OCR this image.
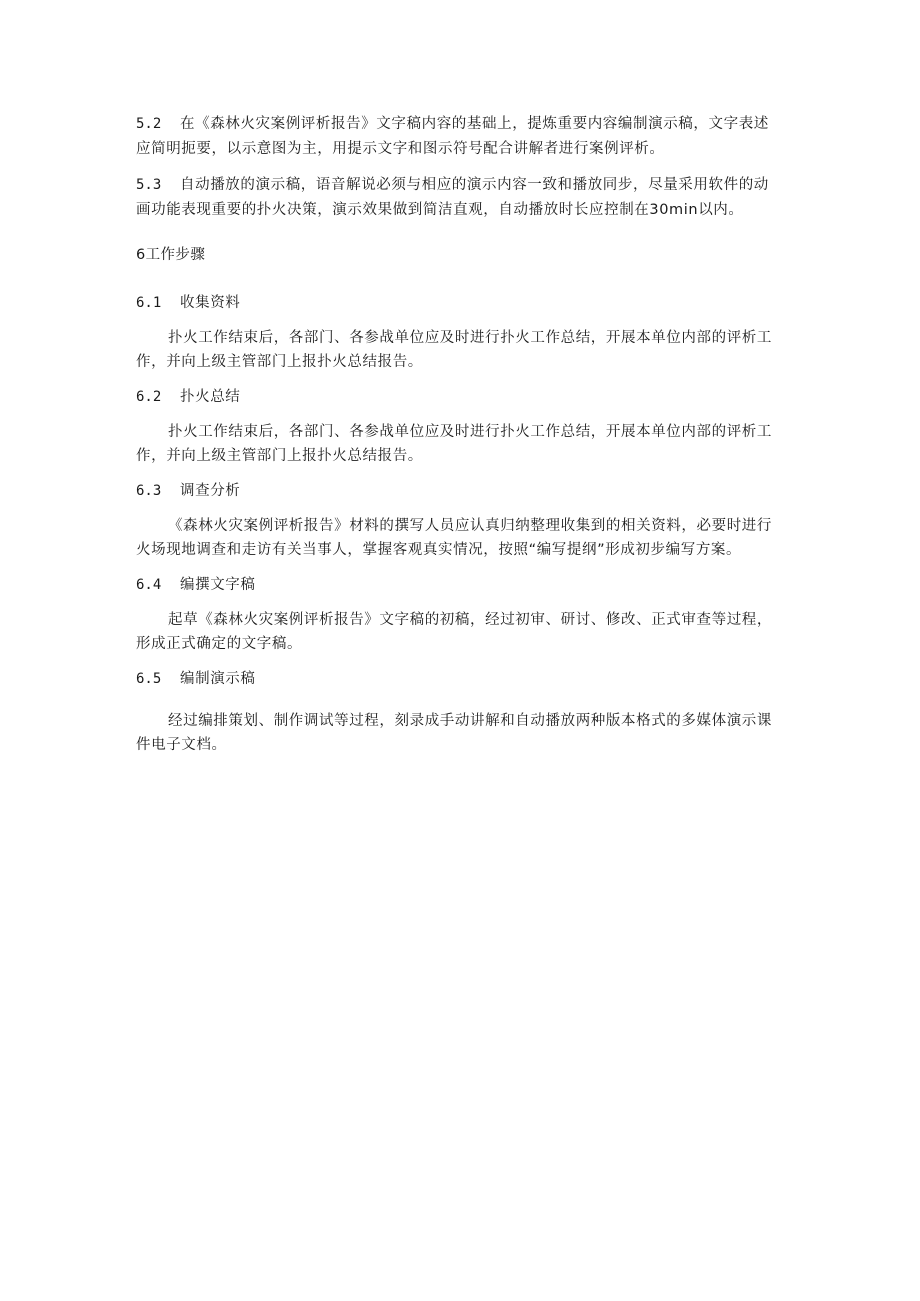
5.2 在《森林火灾案例评析报告》文字稿内容的基础上，提炼重要内容编制演示稿，文字表述
应简明扼要，以示意图为主，用提示文字和图示符号配合讲解者进行案例评析。
5.3 自动播放的演示稿，语音解说必须与相应的演示内容一致和播放同步，尽量采用软件的动
画功能表现重要的扑火决策，演示效果做到简洁直观，自动播放时长应控制在30min以内。
6工作步骤
6.1 收集资料
扑火工作结束后，各部门、各参战单位应及时进行扑火工作总结，开展本单位内部的评析工
作，并向上级主管部门上报扑火总结报告。
6.2 扑火总结
扑火工作结束后，各部门、各参战单位应及时进行扑火工作总结，开展本单位内部的评析工
作，并向上级主管部门上报扑火总结报告。
6.3 调查分析
《森林火灾案例评析报告》材料的撰写人员应认真归纳整理收集到的相关资料，必要时进行
火场现地调查和走访有关当事人，掌握客观真实情况，按照“编写提纲”形成初步编写方案。
6.4 编撰文字稿
起草《森林火灾案例评析报告》文字稿的初稿，经过初审、研讨、修改、正式审查等过程，
形成正式确定的文字稿。
6.5 编制演示稿
经过编排策划、制作调试等过程，刻录成手动讲解和自动播放两种版本格式的多媒体演示课
件电子文档。
